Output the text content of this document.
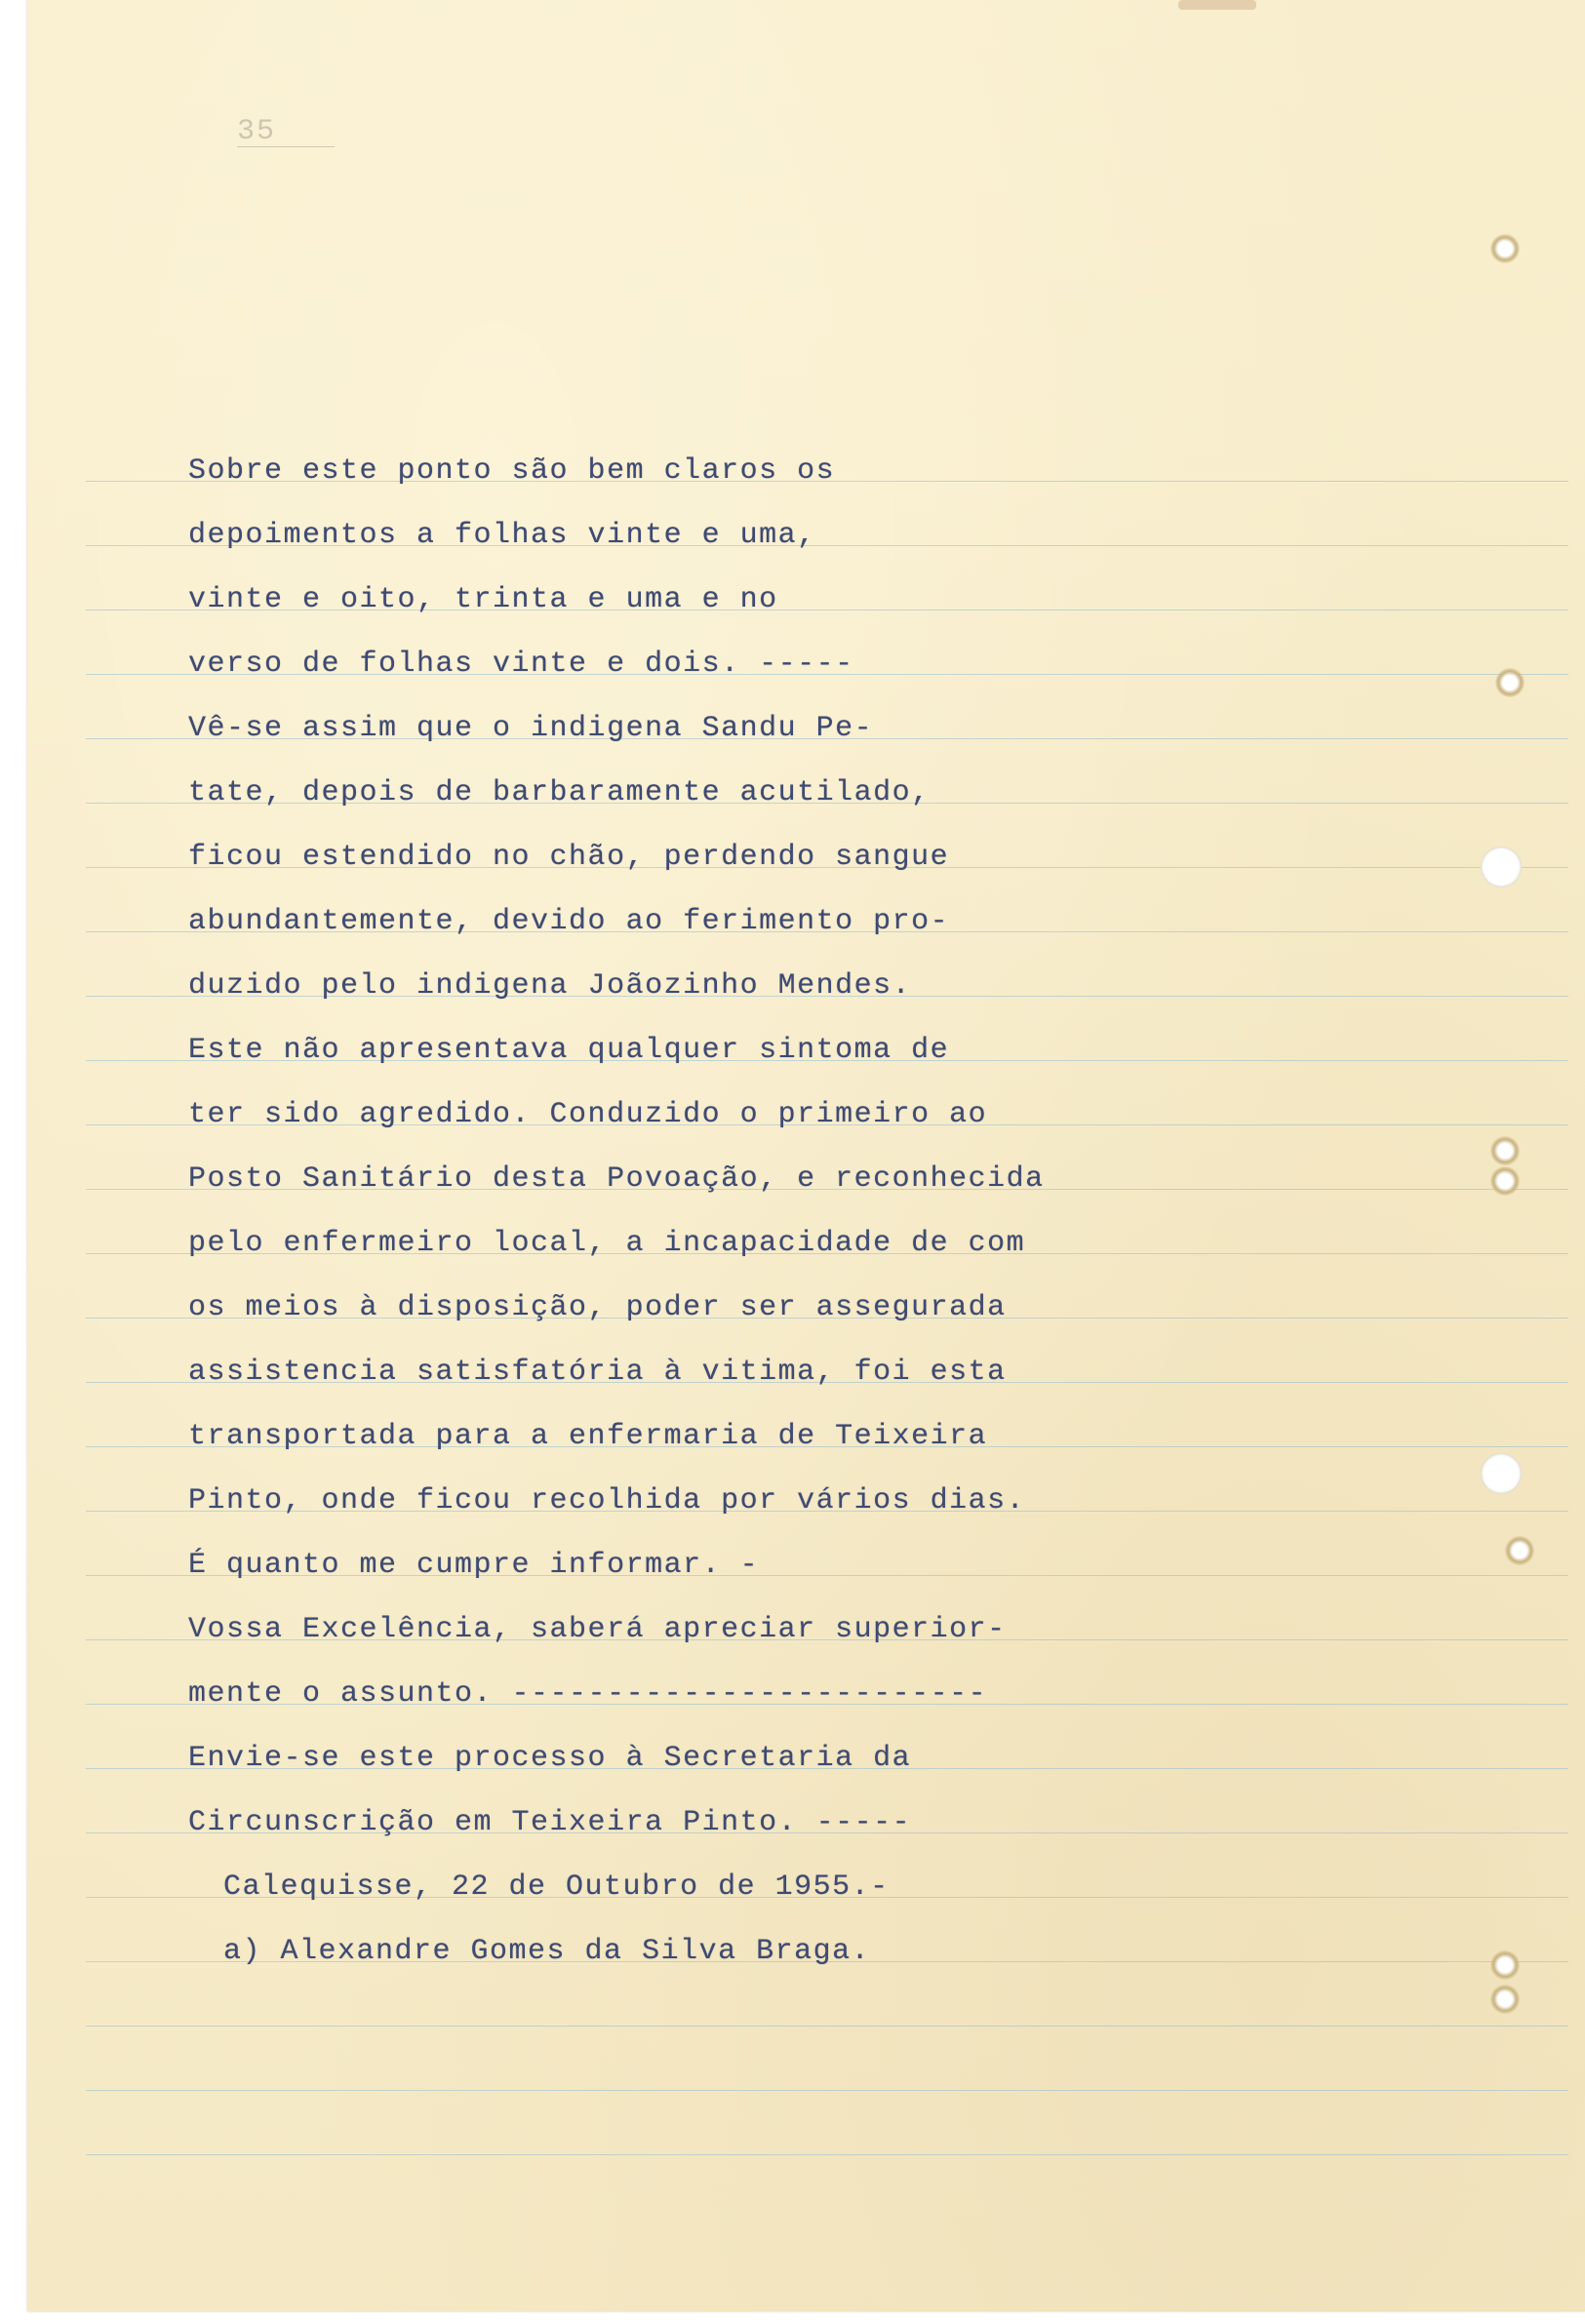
35
Sobre este ponto são bem claros os
depoimentos a folhas vinte e uma,
vinte e oito, trinta e uma e no
verso de folhas vinte e dois. -----
Vê-se assim que o indigena Sandu Pe-
tate, depois de barbaramente acutilado,
ficou estendido no chão, perdendo sangue
abundantemente, devido ao ferimento pro-
duzido pelo indigena Joãozinho Mendes.
Este não apresentava qualquer sintoma de
ter sido agredido. Conduzido o primeiro ao
Posto Sanitário desta Povoação, e reconhecida
pelo enfermeiro local, a incapacidade de com
os meios à disposição, poder ser assegurada
assistencia satisfatória à vitima, foi esta
transportada para a enfermaria de Teixeira
Pinto, onde ficou recolhida por vários dias.
É quanto me cumpre informar. -
Vossa Excelência, saberá apreciar superior-
mente o assunto. -------------------------
Envie-se este processo à Secretaria da
Circunscrição em Teixeira Pinto. -----
Calequisse, 22 de Outubro de 1955.-
a) Alexandre Gomes da Silva Braga.
